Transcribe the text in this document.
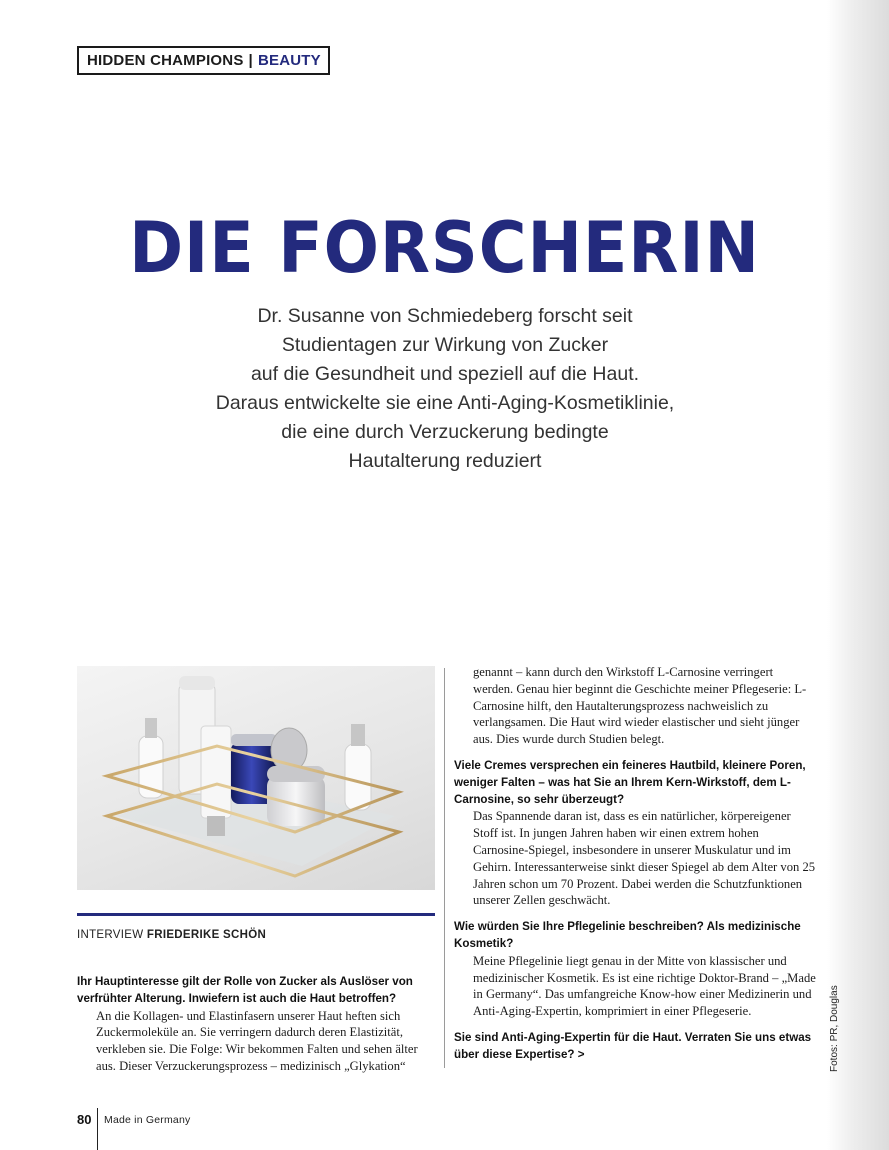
HIDDEN CHAMPIONS | BEAUTY
DIE FORSCHERIN
Dr. Susanne von Schmiedeberg forscht seit
Studientagen zur Wirkung von Zucker
auf die Gesundheit und speziell auf die Haut.
Daraus entwickelte sie eine Anti-Aging-Kosmetiklinie,
die eine durch Verzuckerung bedingte
Hautalterung reduziert
INTERVIEW FRIEDERIKE SCHÖN

Ihr Hauptinteresse gilt der Rolle von Zucker als Auslöser von verfrühter Alterung. Inwiefern ist auch die Haut betroffen?

An die Kollagen- und Elastinfasern unserer Haut heften sich Zuckermoleküle an. Sie verringern dadurch deren Elastizität, verkleben sie. Die Folge: Wir bekommen Falten und sehen älter aus. Dieser Verzuckerungsprozess – medizinisch „Glykation“

genannt – kann durch den Wirkstoff L-Carnosine verringert werden. Genau hier beginnt die Geschichte meiner Pflegeserie: L-Carnosine hilft, den Hautalterungsprozess nachweislich zu verlangsamen. Die Haut wird wieder elastischer und sieht jünger aus. Dies wurde durch Studien belegt.

Viele Cremes versprechen ein feineres Hautbild, kleinere Poren, weniger Falten – was hat Sie an Ihrem Kern-Wirkstoff, dem L-Carnosine, so sehr überzeugt?

Das Spannende daran ist, dass es ein natürlicher, körpereigener Stoff ist. In jungen Jahren haben wir einen extrem hohen Carnosine-Spiegel, insbesondere in unserer Muskulatur und im Gehirn. Interessanterweise sinkt dieser Spiegel ab dem Alter von 25 Jahren schon um 70 Prozent. Dabei werden die Schutzfunktionen unserer Zellen geschwächt.

Wie würden Sie Ihre Pflegelinie beschreiben? Als medizinische Kosmetik?

Meine Pflegelinie liegt genau in der Mitte von klassischer und medizinischer Kosmetik. Es ist eine richtige Doktor-Brand – „Made in Germany“. Das umfangreiche Know-how einer Medizinerin und Anti-Aging-Expertin, komprimiert in einer Pflegeserie.

Sie sind Anti-Aging-Expertin für die Haut. Verraten Sie uns etwas über diese Expertise? >	Fotos: PR, Douglas
80 Made in Germany
